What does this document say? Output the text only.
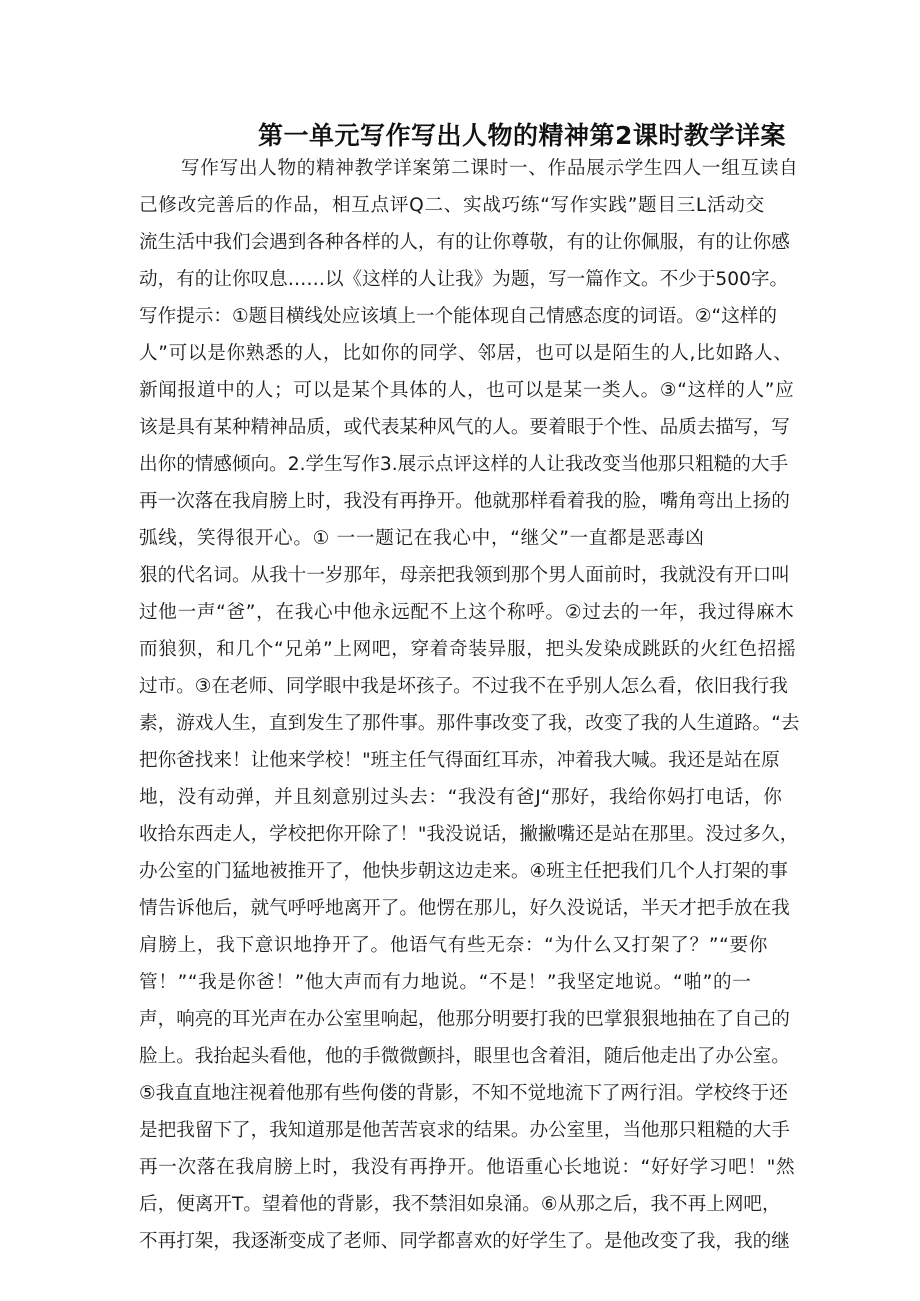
第一单元写作写出人物的精神第2课时教学详案
写作写出人物的精神教学详案第二课时一、作品展示学生四人一组互读自
己修改完善后的作品，相互点评Q二、实战巧练“写作实践”题目三L活动交
流生活中我们会遇到各种各样的人，有的让你尊敬，有的让你佩服，有的让你感
动，有的让你叹息……以《这样的人让我》为题，写一篇作文。不少于500字。
写作提示：①题目横线处应该填上一个能体现自己情感态度的词语。②“这样的
人”可以是你熟悉的人，比如你的同学、邻居，也可以是陌生的人,比如路人、
新闻报道中的人；可以是某个具体的人，也可以是某一类人。③“这样的人”应
该是具有某种精神品质，或代表某种风气的人。要着眼于个性、品质去描写，写
出你的情感倾向。2.学生写作3.展示点评这样的人让我改变当他那只粗糙的大手
再一次落在我肩膀上时，我没有再挣开。他就那样看着我的脸，嘴角弯出上扬的
弧线，笑得很开心。① 一一题记在我心中，“继父”一直都是恶毒凶
狠的代名词。从我十一岁那年，母亲把我领到那个男人面前时，我就没有开口叫
过他一声“爸”，在我心中他永远配不上这个称呼。②过去的一年，我过得麻木
而狼狈，和几个“兄弟”上网吧，穿着奇装异服，把头发染成跳跃的火红色招摇
过市。③在老师、同学眼中我是坏孩子。不过我不在乎别人怎么看，依旧我行我
素，游戏人生，直到发生了那件事。那件事改变了我，改变了我的人生道路。“去
把你爸找来！让他来学校！"班主任气得面红耳赤，冲着我大喊。我还是站在原
地，没有动弹，并且刻意别过头去：“我没有爸J“那好，我给你妈打电话，你
收拾东西走人，学校把你开除了！"我没说话，撇撇嘴还是站在那里。没过多久，
办公室的门猛地被推开了，他快步朝这边走来。④班主任把我们几个人打架的事
情告诉他后，就气呼呼地离开了。他愣在那儿，好久没说话，半天才把手放在我
肩膀上，我下意识地挣开了。他语气有些无奈：“为什么又打架了？”“要你
管！”“我是你爸！”他大声而有力地说。“不是！”我坚定地说。“啪”的一
声，响亮的耳光声在办公室里响起，他那分明要打我的巴掌狠狠地抽在了自己的
脸上。我抬起头看他，他的手微微颤抖，眼里也含着泪，随后他走出了办公室。
⑤我直直地注视着他那有些佝偻的背影，不知不觉地流下了两行泪。学校终于还
是把我留下了，我知道那是他苦苦哀求的结果。办公室里，当他那只粗糙的大手
再一次落在我肩膀上时，我没有再挣开。他语重心长地说：“好好学习吧！"然
后，便离开T。望着他的背影，我不禁泪如泉涌。⑥从那之后，我不再上网吧，
不再打架，我逐渐变成了老师、同学都喜欢的好学生了。是他改变了我，我的继
